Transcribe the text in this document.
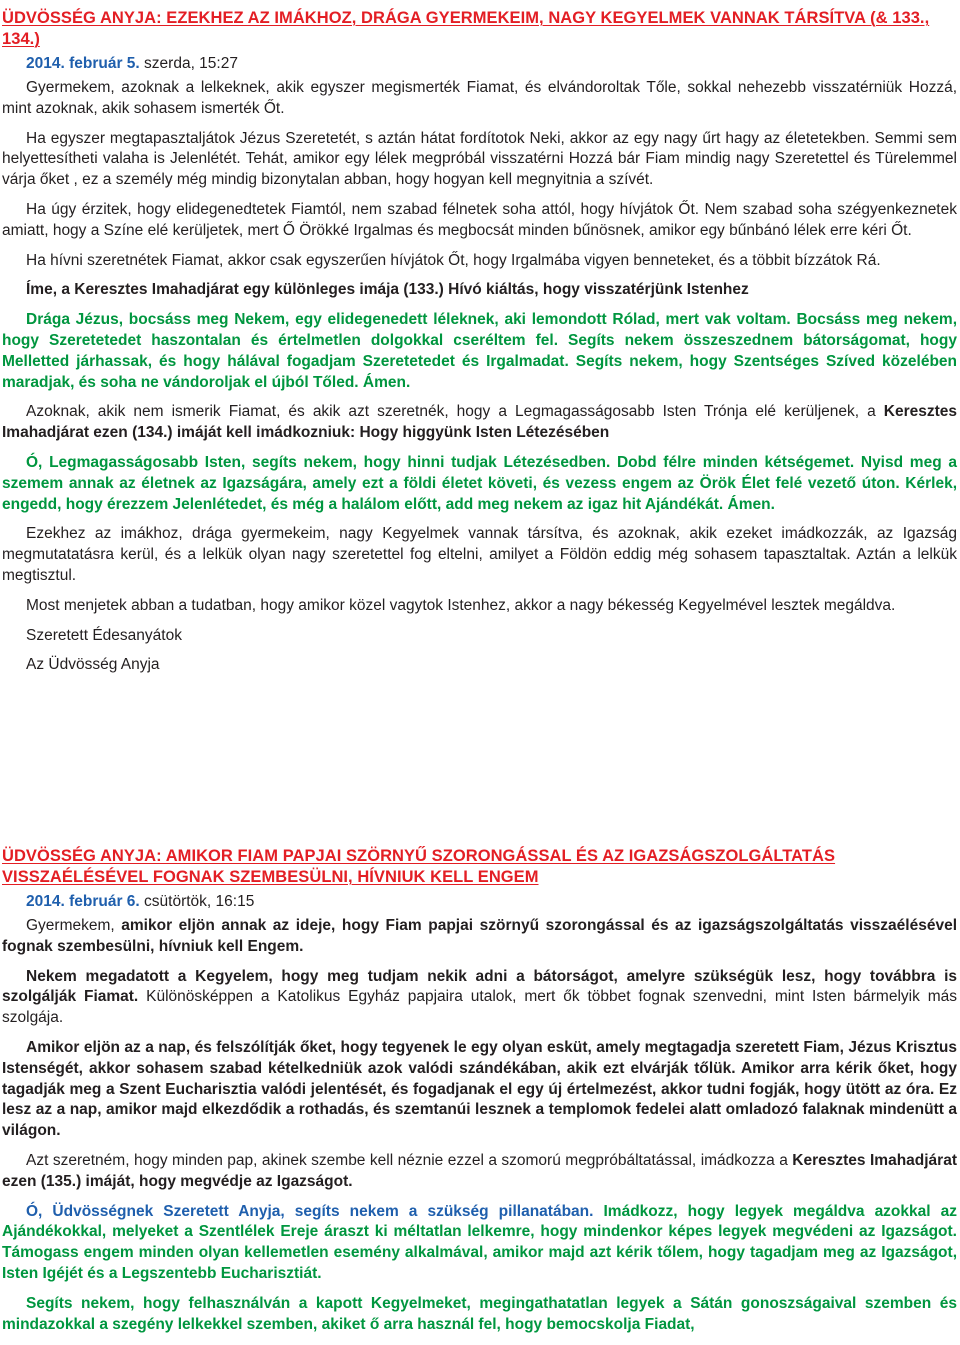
ÜDVÖSSÉG ANYJA: EZEKHEZ AZ IMÁKHOZ, DRÁGA GYERMEKEIM, NAGY KEGYELMEK VANNAK TÁRSÍTVA (& 133., 134.)
2014. február 5. szerda, 15:27

Gyermekem, azoknak a lelkeknek, akik egyszer megismerték Fiamat, és elvándoroltak Tőle, sokkal nehezebb visszatérniük Hozzá, mint azoknak, akik sohasem ismerték Őt.

Ha egyszer megtapasztaljátok Jézus Szeretetét, s aztán hátat fordítotok Neki, akkor az egy nagy űrt hagy az életetekben. Semmi sem helyettesítheti valaha is Jelenlétét. Tehát, amikor egy lélek megpróbál visszatérni Hozzá bár Fiam mindig nagy Szeretettel és Türelemmel várja őket , ez a személy még mindig bizonytalan abban, hogy hogyan kell megnyitnia a szívét.

Ha úgy érzitek, hogy elidegenedtetek Fiamtól, nem szabad félnetek soha attól, hogy hívjátok Őt. Nem szabad soha szégyenkeznetek amiatt, hogy a Színe elé kerüljetek, mert Ő Örökké Irgalmas és megbocsát minden bűnösnek, amikor egy bűnbánó lélek erre kéri Őt.

Ha hívni szeretnétek Fiamat, akkor csak egyszerűen hívjátok Őt, hogy Irgalmába vigyen benneteket, és a többit bízzátok Rá.

Íme, a Keresztes Imahadjárat egy különleges imája (133.) Hívó kiáltás, hogy visszatérjünk Istenhez

Drága Jézus, bocsáss meg Nekem, egy elidegenedett léleknek, aki lemondott Rólad, mert vak voltam. Bocsáss meg nekem, hogy Szeretetedet haszontalan és értelmetlen dolgokkal cseréltem fel. Segíts nekem összeszednem bátorságomat, hogy Melletted járhassak, és hogy hálával fogadjam Szeretetedet és Irgalmadat. Segíts nekem, hogy Szentséges Szíved közelében maradjak, és soha ne vándoroljak el újból Tőled. Ámen.

Azoknak, akik nem ismerik Fiamat, és akik azt szeretnék, hogy a Legmagasságosabb Isten Trónja elé kerüljenek, a Keresztes Imahadjárat ezen (134.) imáját kell imádkozniuk: Hogy higgyünk Isten Létezésében

Ó, Legmagasságosabb Isten, segíts nekem, hogy hinni tudjak Létezésedben. Dobd félre minden kétségemet. Nyisd meg a szemem annak az életnek az Igazságára, amely ezt a földi életet követi, és vezess engem az Örök Élet felé vezető úton. Kérlek, engedd, hogy érezzem Jelenlétedet, és még a halálom előtt, add meg nekem az igaz hit Ajándékát. Ámen.

Ezekhez az imákhoz, drága gyermekeim, nagy Kegyelmek vannak társítva, és azoknak, akik ezeket imádkozzák, az Igazság megmutatatásra kerül, és a lelkük olyan nagy szeretettel fog eltelni, amilyet a Földön eddig még sohasem tapasztaltak. Aztán a lelkük megtisztul.

Most menjetek abban a tudatban, hogy amikor közel vagytok Istenhez, akkor a nagy békesség Kegyelmével lesztek megáldva.

Szeretett Édesanyátok

Az Üdvösség Anyja

ÜDVÖSSÉG ANYJA: AMIKOR FIAM PAPJAI SZÖRNYŰ SZORONGÁSSAL ÉS AZ IGAZSÁGSZOLGÁLTATÁS VISSZAÉLÉSÉVEL FOGNAK SZEMBESÜLNI, HÍVNIUK KELL ENGEM
2014. február 6. csütörtök, 16:15

Gyermekem, amikor eljön annak az ideje, hogy Fiam papjai szörnyű szorongással és az igazságszolgáltatás visszaélésével fognak szembesülni, hívniuk kell Engem.

Nekem megadatott a Kegyelem, hogy meg tudjam nekik adni a bátorságot, amelyre szükségük lesz, hogy továbbra is szolgálják Fiamat. Különösképpen a Katolikus Egyház papjaira utalok, mert ők többet fognak szenvedni, mint Isten bármelyik más szolgája.

Amikor eljön az a nap, és felszólítják őket, hogy tegyenek le egy olyan esküt, amely megtagadja szeretett Fiam, Jézus Krisztus Istenségét, akkor sohasem szabad kételkedniük azok valódi szándékában, akik ezt elvárják tőlük. Amikor arra kérik őket, hogy tagadják meg a Szent Eucharisztia valódi jelentését, és fogadjanak el egy új értelmezést, akkor tudni fogják, hogy ütött az óra. Ez lesz az a nap, amikor majd elkezdődik a rothadás, és szemtanúi lesznek a templomok fedelei alatt omladozó falaknak mindenütt a világon.

Azt szeretném, hogy minden pap, akinek szembe kell néznie ezzel a szomorú megpróbáltatással, imádkozza a Keresztes Imahadjárat ezen (135.) imáját, hogy megvédje az Igazságot.

Ó, Üdvösségnek Szeretett Anyja, segíts nekem a szükség pillanatában. Imádkozz, hogy legyek megáldva azokkal az Ajándékokkal, melyeket a Szentlélek Ereje áraszt ki méltatlan lelkemre, hogy mindenkor képes legyek megvédeni az Igazságot. Támogass engem minden olyan kellemetlen esemény alkalmával, amikor majd azt kérik tőlem, hogy tagadjam meg az Igazságot, Isten Igéjét és a Legszentebb Eucharisztiát.

Segíts nekem, hogy felhasználván a kapott Kegyelmeket, megingathatatlan legyek a Sátán gonoszságaival szemben és mindazokkal a szegény lelkekkel szemben, akiket ő arra használ fel, hogy bemocskolja Fiadat,
